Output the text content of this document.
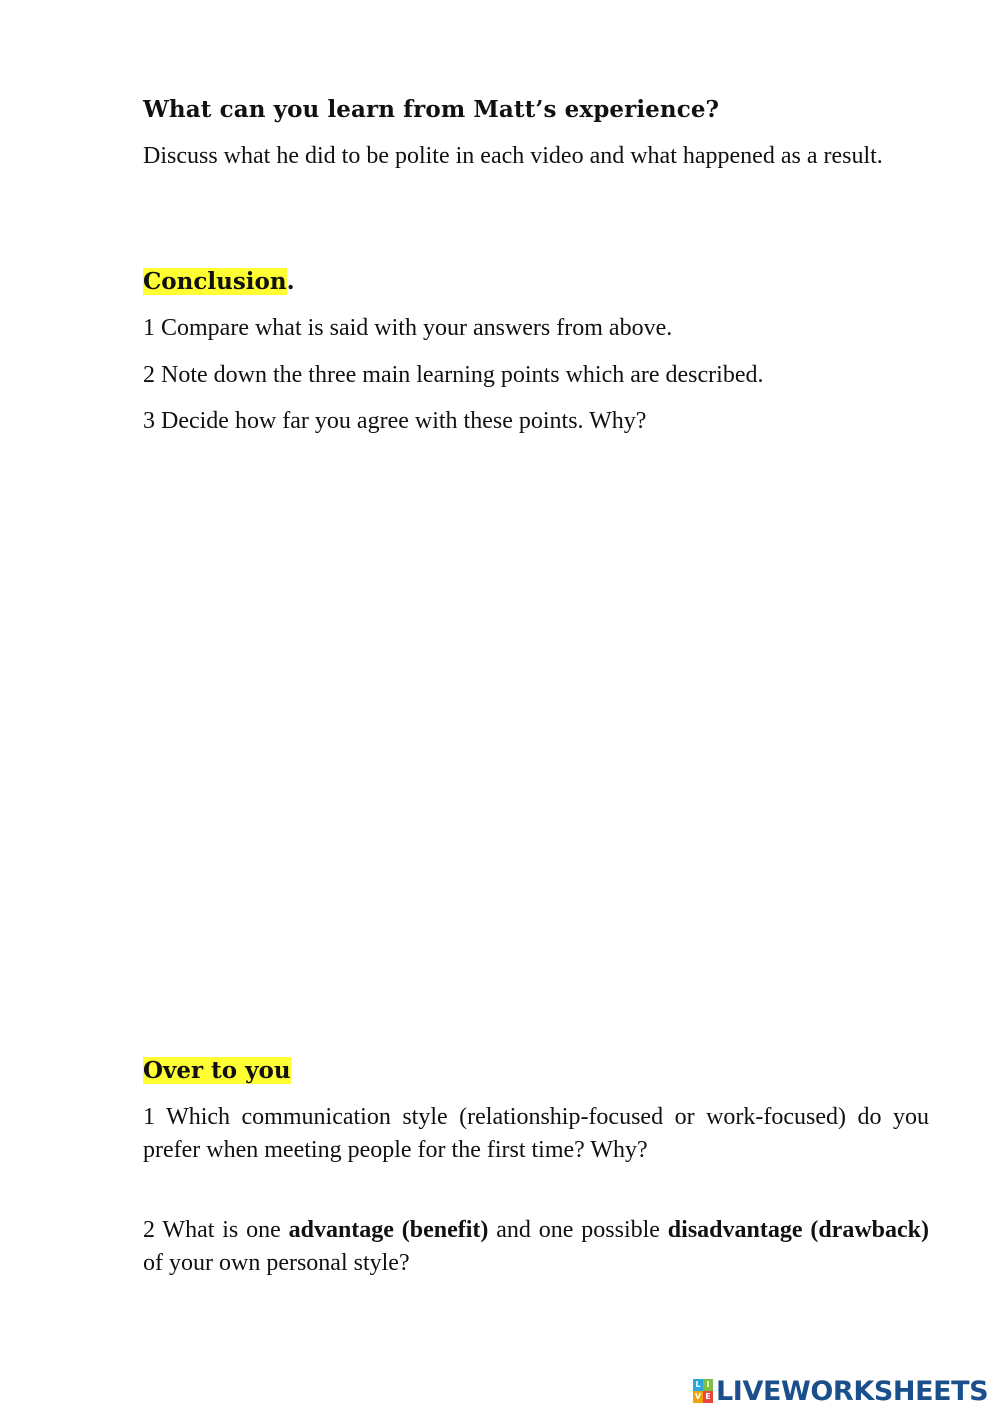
What can you learn from Matt’s experience?
Discuss what he did to be polite in each video and what happened as a result.
Conclusion.
1 Compare what is said with your answers from above.
2 Note down the three main learning points which are described.
3 Decide how far you agree with these points. Why?
Over to you
1 Which communication style (relationship-focused or work-focused) do you prefer when meeting people for the first time? Why?
2 What is one advantage (benefit) and one possible disadvantage (drawback) of your own personal style?
L I
V E LIVEWORKSHEETS
